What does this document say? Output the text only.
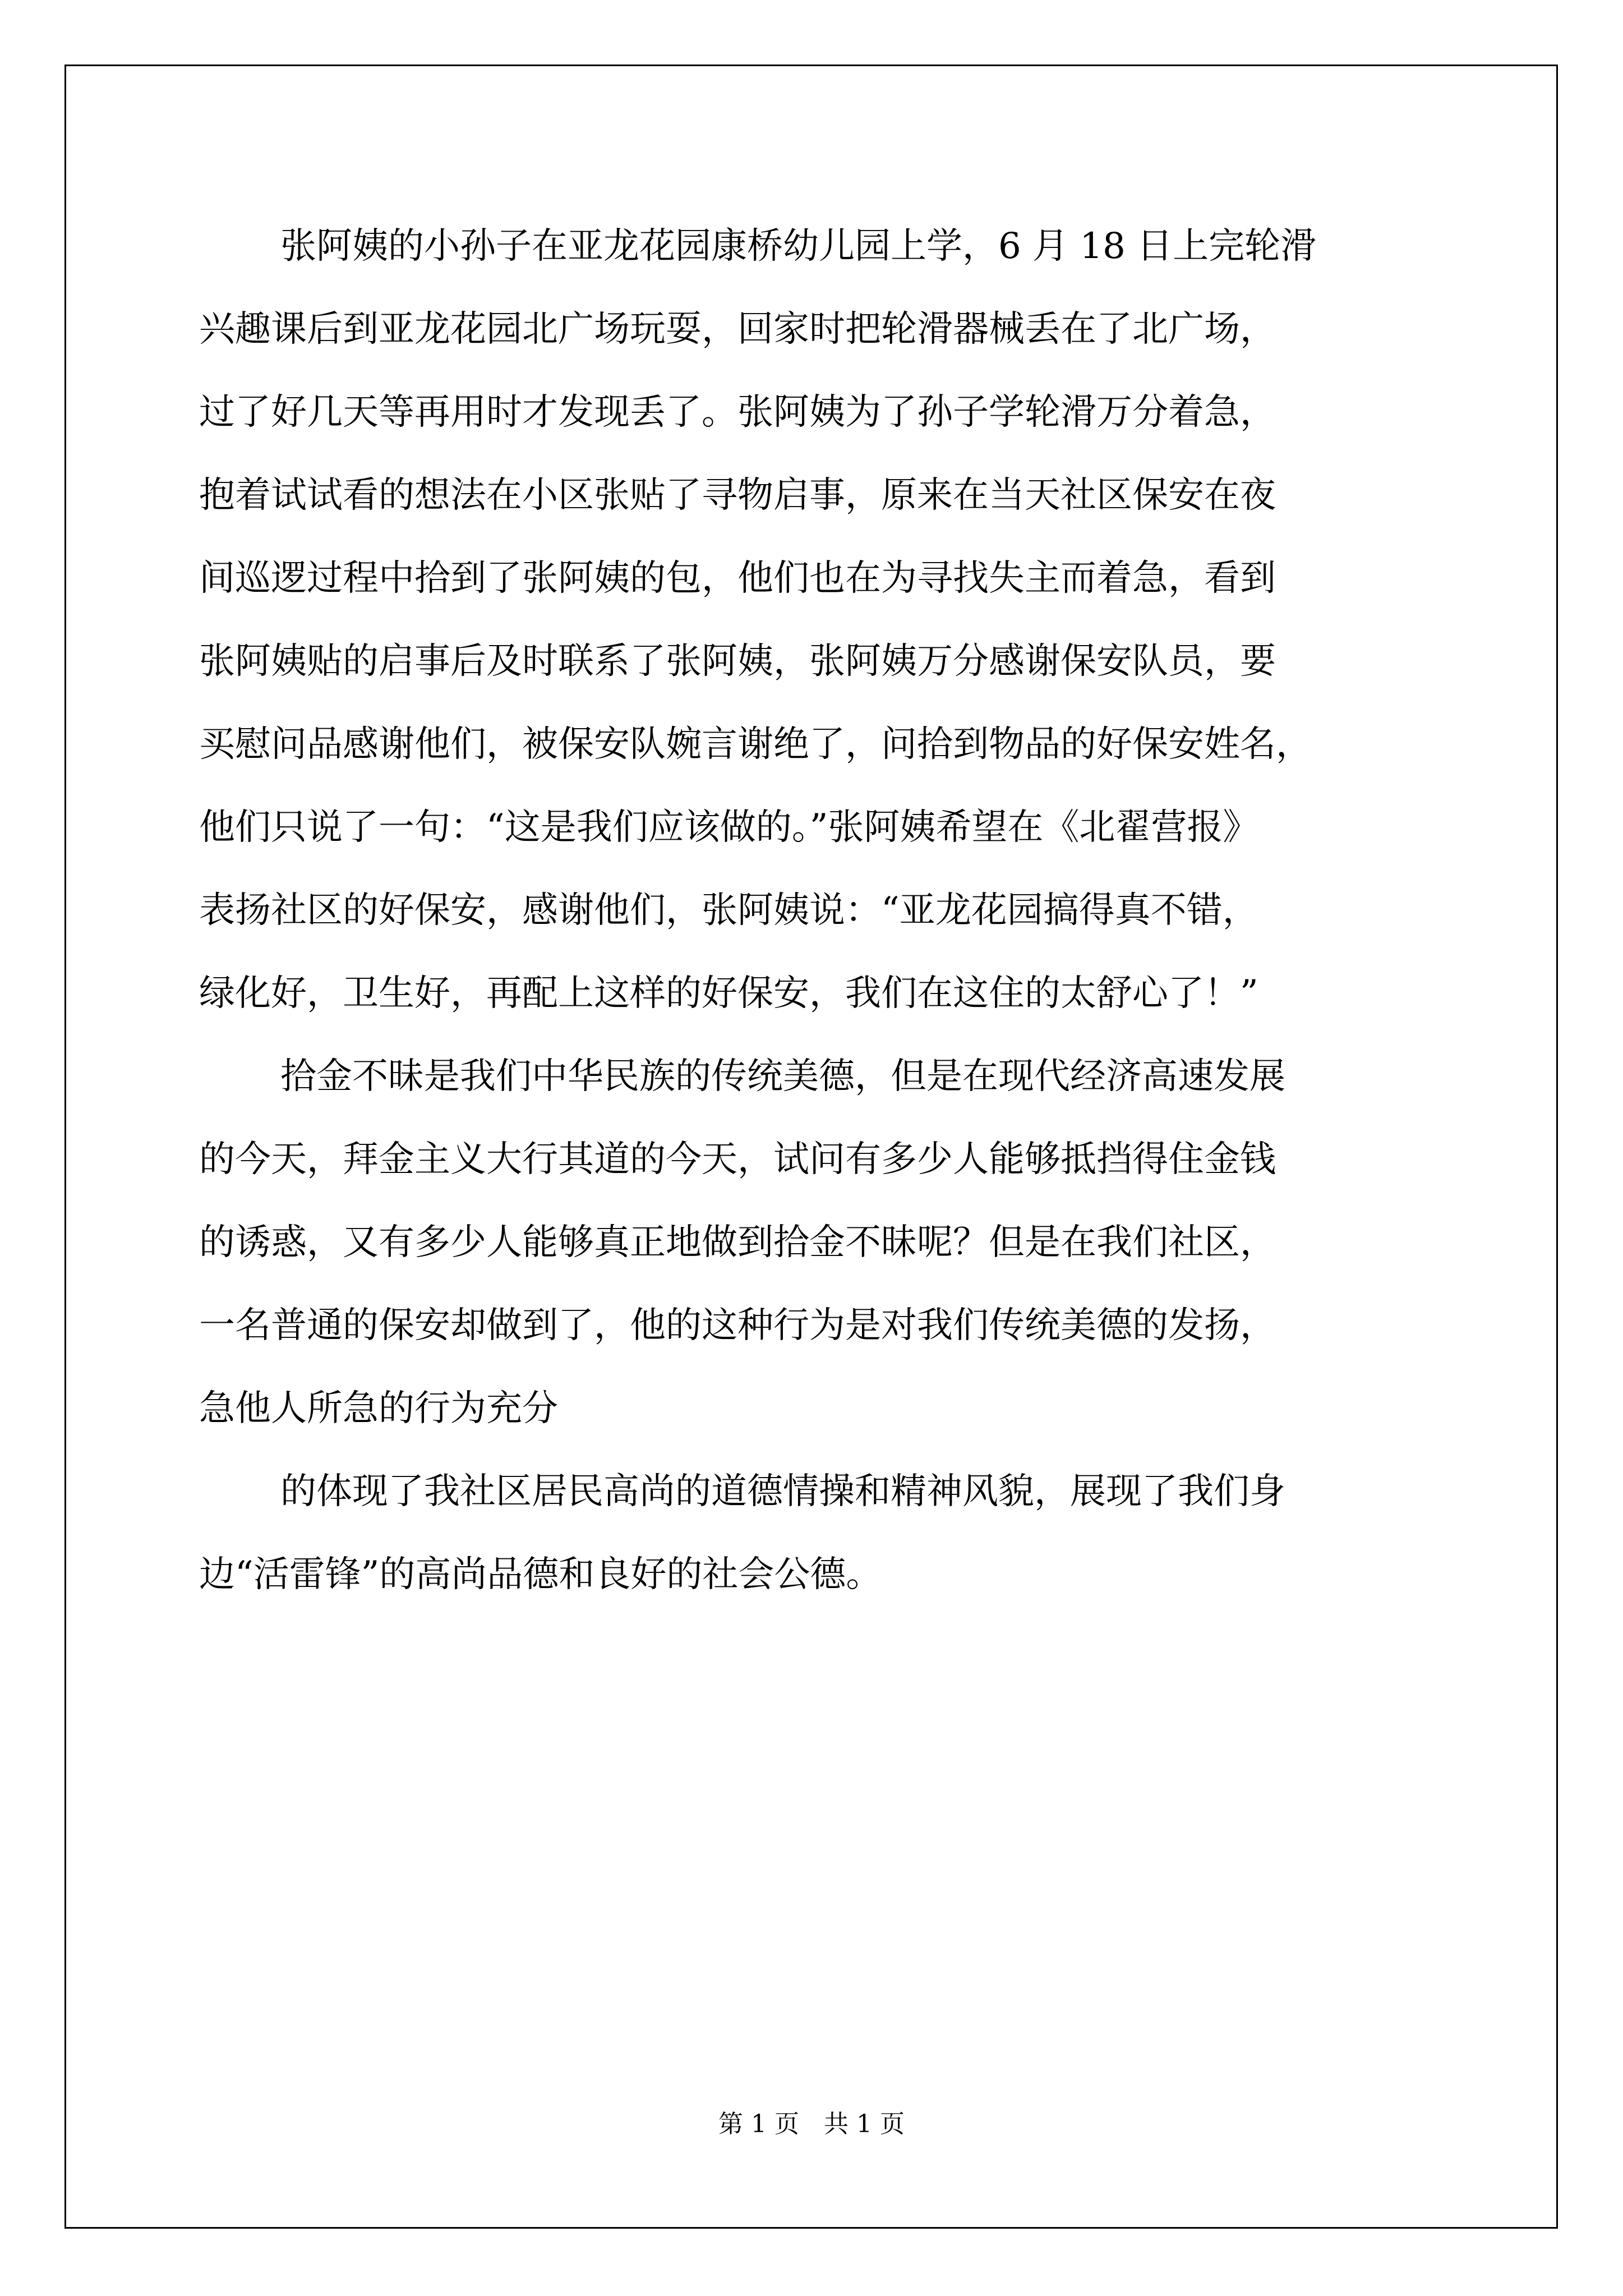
张阿姨的小孙子在亚龙花园康桥幼儿园上学，6 月 18 日上完轮滑
兴趣课后到亚龙花园北广场玩耍，回家时把轮滑器械丢在了北广场，
过了好几天等再用时才发现丢了。张阿姨为了孙子学轮滑万分着急，
抱着试试看的想法在小区张贴了寻物启事，原来在当天社区保安在夜
间巡逻过程中拾到了张阿姨的包，他们也在为寻找失主而着急，看到
张阿姨贴的启事后及时联系了张阿姨，张阿姨万分感谢保安队员，要
买慰问品感谢他们，被保安队婉言谢绝了，问拾到物品的好保安姓名，
他们只说了一句：“这是我们应该做的。”张阿姨希望在《北翟营报》
表扬社区的好保安，感谢他们，张阿姨说：“亚龙花园搞得真不错，
绿化好，卫生好，再配上这样的好保安，我们在这住的太舒心了！”
拾金不昧是我们中华民族的传统美德，但是在现代经济高速发展
的今天，拜金主义大行其道的今天，试问有多少人能够抵挡得住金钱
的诱惑，又有多少人能够真正地做到拾金不昧呢？但是在我们社区，
一名普通的保安却做到了，他的这种行为是对我们传统美德的发扬，
急他人所急的行为充分
的体现了我社区居民高尚的道德情操和精神风貌，展现了我们身
边“活雷锋”的高尚品德和良好的社会公德。
第 1 页　共 1 页
